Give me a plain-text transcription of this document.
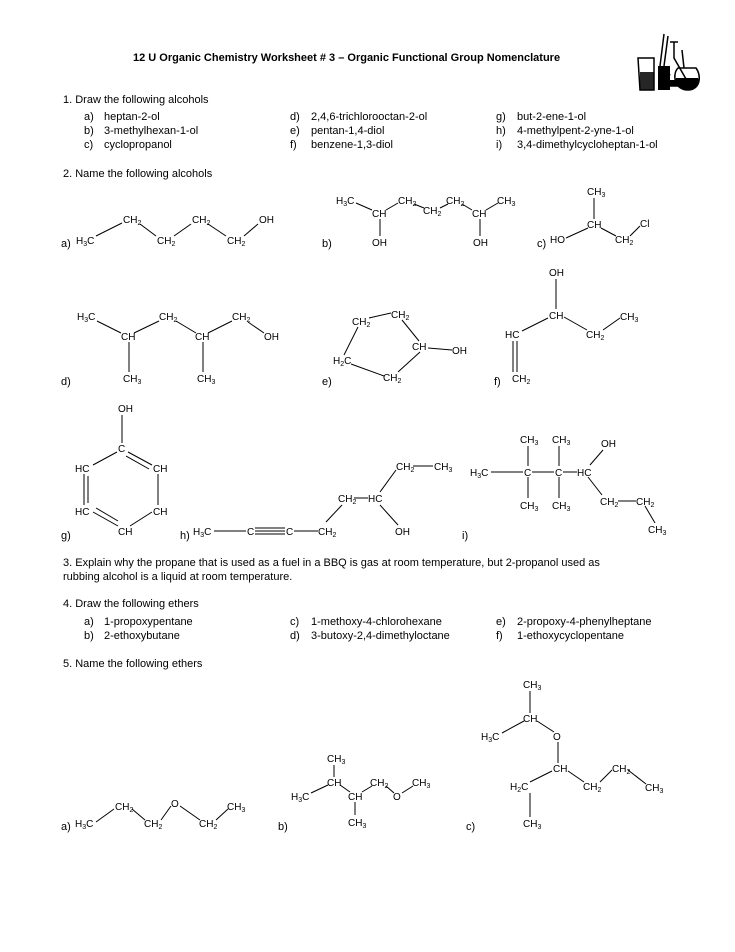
12 U Organic Chemistry Worksheet # 3 – Organic Functional Group Nomenclature
1. Draw the following alcohols
a) heptan-2-ol
b) 3-methylhexan-1-ol
c) cyclopropanol
d) 2,4,6-trichlorooctan-2-ol
e) pentan-1,4-diol
f) benzene-1,3-diol
g) but-2-ene-1-ol
h) 4-methylpent-2-yne-1-ol
i) 3,4-dimethylcycloheptan-1-ol
2. Name the following alcohols
a)	b)	c)
d)	e)	f)
g)	h)	i)
$H_3C$
$CH_2$
$CH_2$
$CH_2$
$CH_2$
OH
$H_3C$
CH
$CH_2$
$CH_2$
$CH_2$
CH
$CH_3$
OH	OH
$CH_3$
CH
HO	$CH_2$
Cl
$H_3C$
CH
$CH_2$
CH
$CH_2$
OH
$CH_3$	$CH_3$
$CH_2$
$CH_2$
CH	OH
$H_2C$
$CH_2$
OH
CH	$CH_3$
$CH_2$
HC
$CH_2$
OH
C
HC	CH
HC	CH
CH	$H_3C$	C	C $CH_2$
$CH_2$ HC
$CH_2$ $CH_3$
OH
$CH_3$ $CH_3$	OH
$H_3C$	C C HC
$CH_3$ $CH_3$
$CH_2$ $CH_2$
$CH_3$
3. Explain why the propane that is used as a fuel in a BBQ is gas at room temperature, but 2-propanol used as
rubbing alcohol is a liquid at room temperature.
4. Draw the following ethers
a) 1-propoxypentane
b) 2-ethoxybutane
c) 1-methoxy-4-chlorohexane
d) 3-butoxy-2,4-dimethyloctane
e) 2-propoxy-4-phenylheptane
f) 1-ethoxycyclopentane
5. Name the following ethers
a)	b)	c)
$H_3C$
$CH_2$
$CH_2$
O
$CH_2$
$CH_3$
$CH_3$
CH
$H_3C$	CH
$CH_2$
O
$CH_3$
$CH_3$
$CH_3$
CH
$H_3C$	O
CH
$H_2C$	$CH_2$
$CH_2$
$CH_3$
$CH_3$
